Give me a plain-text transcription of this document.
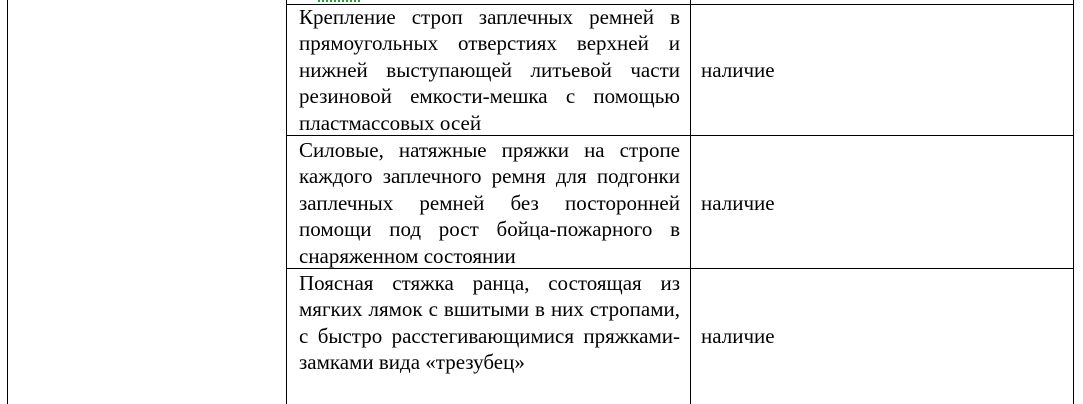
Крепление строп заплечных ремней в прямоугольных отверстиях верхней и нижней выступающей литьевой части резиновой емкости-мешка с помощью пластмассовых осей
наличие
Силовые, натяжные пряжки на стропе каждого заплечного ремня для подгонки заплечных ремней без посторонней помощи под рост бойца-пожарного в снаряженном состоянии
наличие
Поясная стяжка ранца, состоящая из мягких лямок с вшитыми в них стропами, с быстро расстегивающимися пряжками-замками вида «трезубец»
наличие
